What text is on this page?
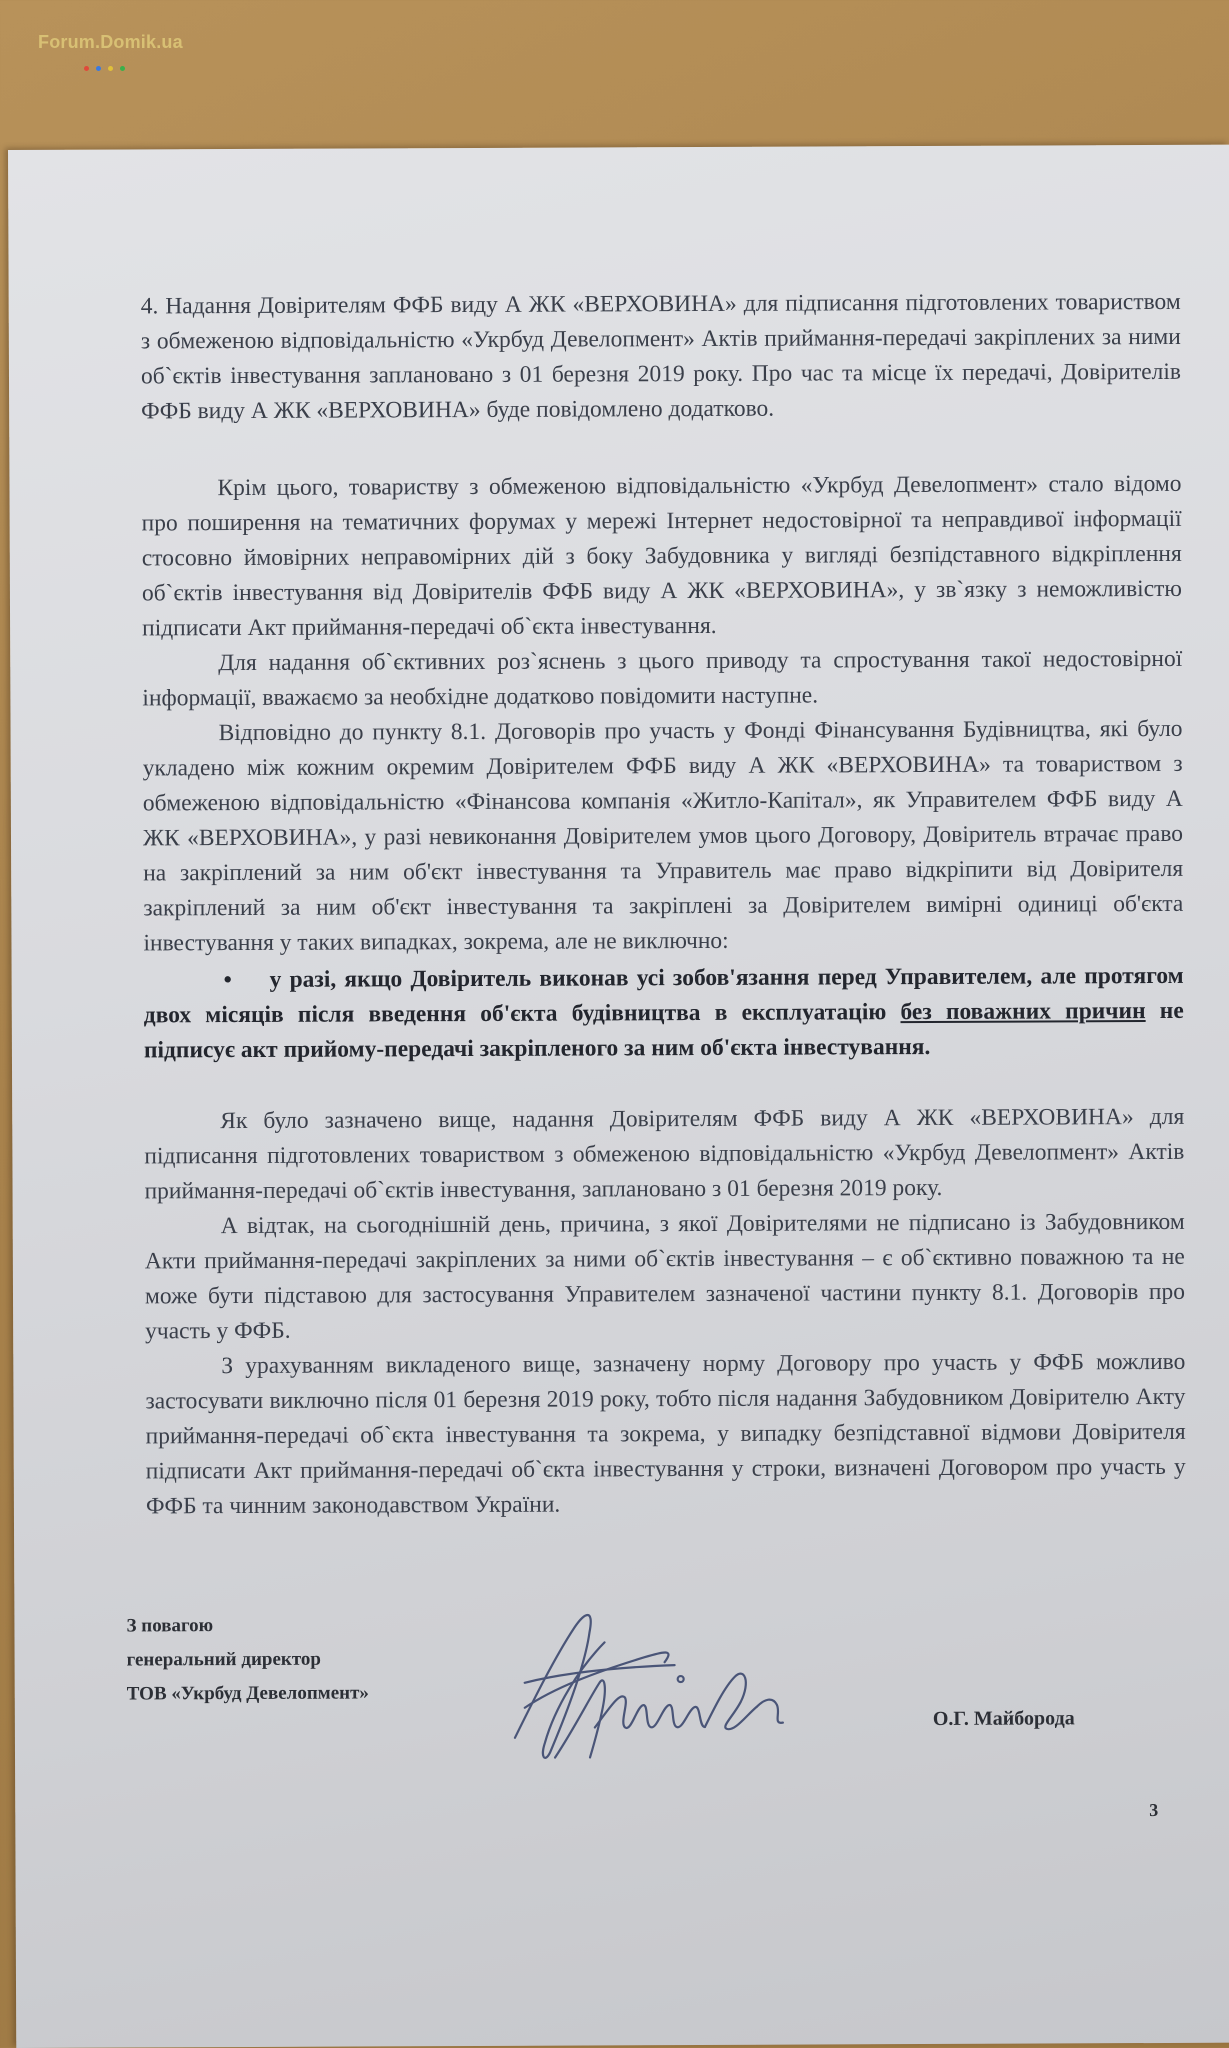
Forum.Domik.ua

4. Надання Довірителям ФФБ виду А ЖК «ВЕРХОВИНА» для підписання підготовлених товариством з обмеженою відповідальністю «Укрбуд Девелопмент» Актів приймання-передачі закріплених за ними об`єктів інвестування заплановано з 01 березня 2019 року. Про час та місце їх передачі, Довірителів ФФБ виду А ЖК «ВЕРХОВИНА» буде повідомлено додатково.

Крім цього, товариству з обмеженою відповідальністю «Укрбуд Девелопмент» стало відомо про поширення на тематичних форумах у мережі Інтернет недостовірної та неправдивої інформації стосовно ймовірних неправомірних дій з боку Забудовника у вигляді безпідставного відкріплення об`єктів інвестування від Довірителів ФФБ виду А ЖК «ВЕРХОВИНА», у зв`язку з неможливістю підписати Акт приймання-передачі об`єкта інвестування.

Для надання об`єктивних роз`яснень з цього приводу та спростування такої недостовірної інформації, вважаємо за необхідне додатково повідомити наступне.

Відповідно до пункту 8.1. Договорів про участь у Фонді Фінансування Будівництва, які було укладено між кожним окремим Довірителем ФФБ виду А ЖК «ВЕРХОВИНА» та товариством з обмеженою відповідальністю «Фінансова компанія «Житло-Капітал», як Управителем ФФБ виду А ЖК «ВЕРХОВИНА», у разі невиконання Довірителем умов цього Договору, Довіритель втрачає право на закріплений за ним об'єкт інвестування та Управитель має право відкріпити від Довірителя закріплений за ним об'єкт інвестування та закріплені за Довірителем вимірні одиниці об'єкта інвестування у таких випадках, зокрема, але не виключно:

• у разі, якщо Довіритель виконав усі зобов'язання перед Управителем, але протягом двох місяців після введення об'єкта будівництва в експлуатацію без поважних причин не підписує акт прийому-передачі закріпленого за ним об'єкта інвестування.

Як було зазначено вище, надання Довірителям ФФБ виду А ЖК «ВЕРХОВИНА» для підписання підготовлених товариством з обмеженою відповідальністю «Укрбуд Девелопмент» Актів приймання-передачі об`єктів інвестування, заплановано з 01 березня 2019 року.

А відтак, на сьогоднішній день, причина, з якої Довірителями не підписано із Забудовником Акти приймання-передачі закріплених за ними об`єктів інвестування – є об`єктивно поважною та не може бути підставою для застосування Управителем зазначеної частини пункту 8.1. Договорів про участь у ФФБ.

З урахуванням викладеного вище, зазначену норму Договору про участь у ФФБ можливо застосувати виключно після 01 березня 2019 року, тобто після надання Забудовником Довірителю Акту приймання-передачі об`єкта інвестування та зокрема, у випадку безпідставної відмови Довірителя підписати Акт приймання-передачі об`єкта інвестування у строки, визначені Договором про участь у ФФБ та чинним законодавством України.

З повагою
генеральний директор
ТОВ «Укрбуд Девелопмент»
О.Г. Майборода
3
